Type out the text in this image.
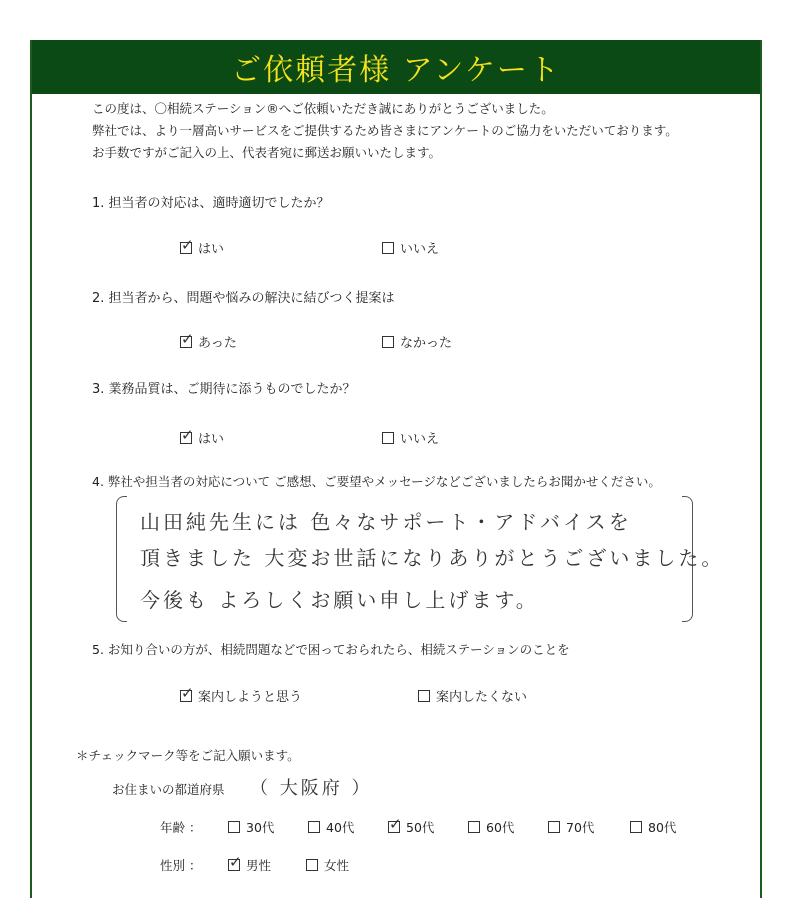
ご依頼者様 アンケート
この度は、〇相続ステーション®へご依頼いただき誠にありがとうございました。
弊社では、より一層高いサービスをご提供するため皆さまにアンケートのご協力をいただいております。
お手数ですがご記入の上、代表者宛に郵送お願いいたします。
1. 担当者の対応は、適時適切でしたか？
✓
はい	いいえ
2. 担当者から、問題や悩みの解決に結びつく提案は
✓
あった	なかった
3. 業務品質は、ご期待に添うものでしたか？
✓
はい	いいえ
4. 弊社や担当者の対応について ご感想、ご要望やメッセージなどございましたらお聞かせください。
山田純先生には 色々なサポート・アドバイスを
頂きました 大変お世話になりありがとうございました。
今後も よろしくお願い申し上げます。
5. お知り合いの方が、相続問題などで困っておられたら、相続ステーションのことを
✓
案内しようと思う	案内したくない
＊チェックマーク等をご記入願います。
お住まいの都道府県 （ 大阪府 ）
年齢 ：	30代	40代 ✓	50代	60代	70代	80代
性別 ： ✓	男性	女性
